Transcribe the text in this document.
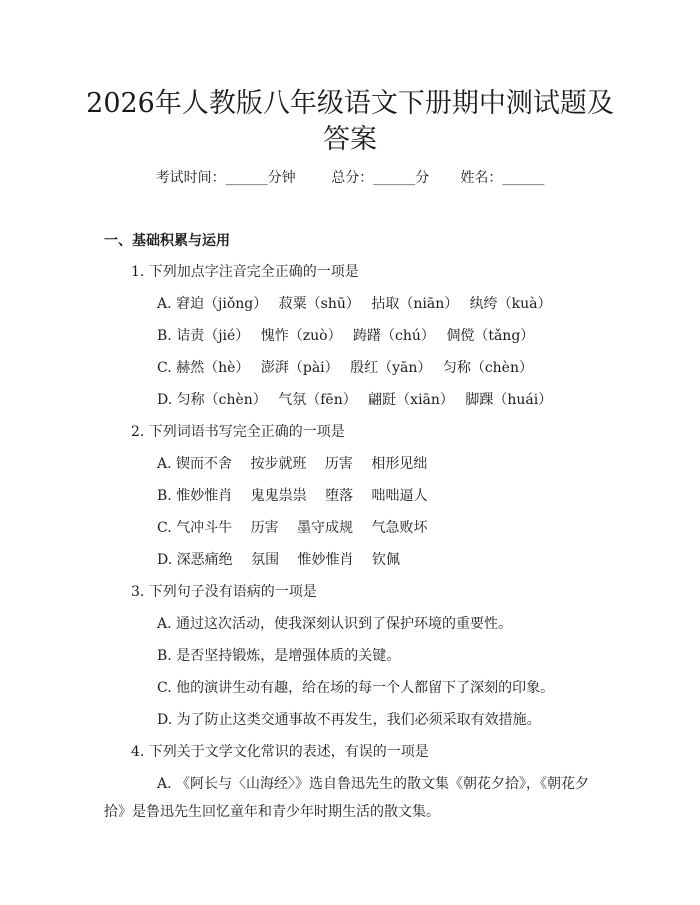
2026年人教版八年级语文下册期中测试题及
答案
考试时间：______分钟	总分：______分 姓名：______
一、基础积累与运用
1. 下列加点字注音完全正确的一项是
A. 窘迫（jiǒng）　 菽粟（shū）　 拈取（niān）　 纨绔（kuà）
B. 诘责（jié）　 愧怍（zuò）　 踌躇（chú）　 倜傥（tǎng）
C. 赫然（hè）　 澎湃（pài）　 殷红（yān）　 匀称（chèn）
D. 匀称（chèn）　 气氛（fēn）　 翩跹（xiān）　 脚踝（huái）
2. 下列词语书写完全正确的一项是
A. 锲而不舍　 按步就班　 历害　 相形见绌
B. 惟妙惟肖　 鬼鬼祟祟　 堕落　 咄咄逼人
C. 气冲斗牛　 历害　 墨守成规　 气急败坏
D. 深恶痛绝　 氛围　 惟妙惟肖　 钦佩
3. 下列句子没有语病的一项是
A. 通过这次活动，使我深刻认识到了保护环境的重要性。
B. 是否坚持锻炼，是增强体质的关键。
C. 他的演讲生动有趣，给在场的每一个人都留下了深刻的印象。
D. 为了防止这类交通事故不再发生，我们必须采取有效措施。
4. 下列关于文学文化常识的表述，有误的一项是
A. 《阿长与〈山海经〉》选自鲁迅先生的散文集《朝花夕拾》，《朝花夕拾》是鲁迅先生回忆童年和青少年时期生活的散文集。
